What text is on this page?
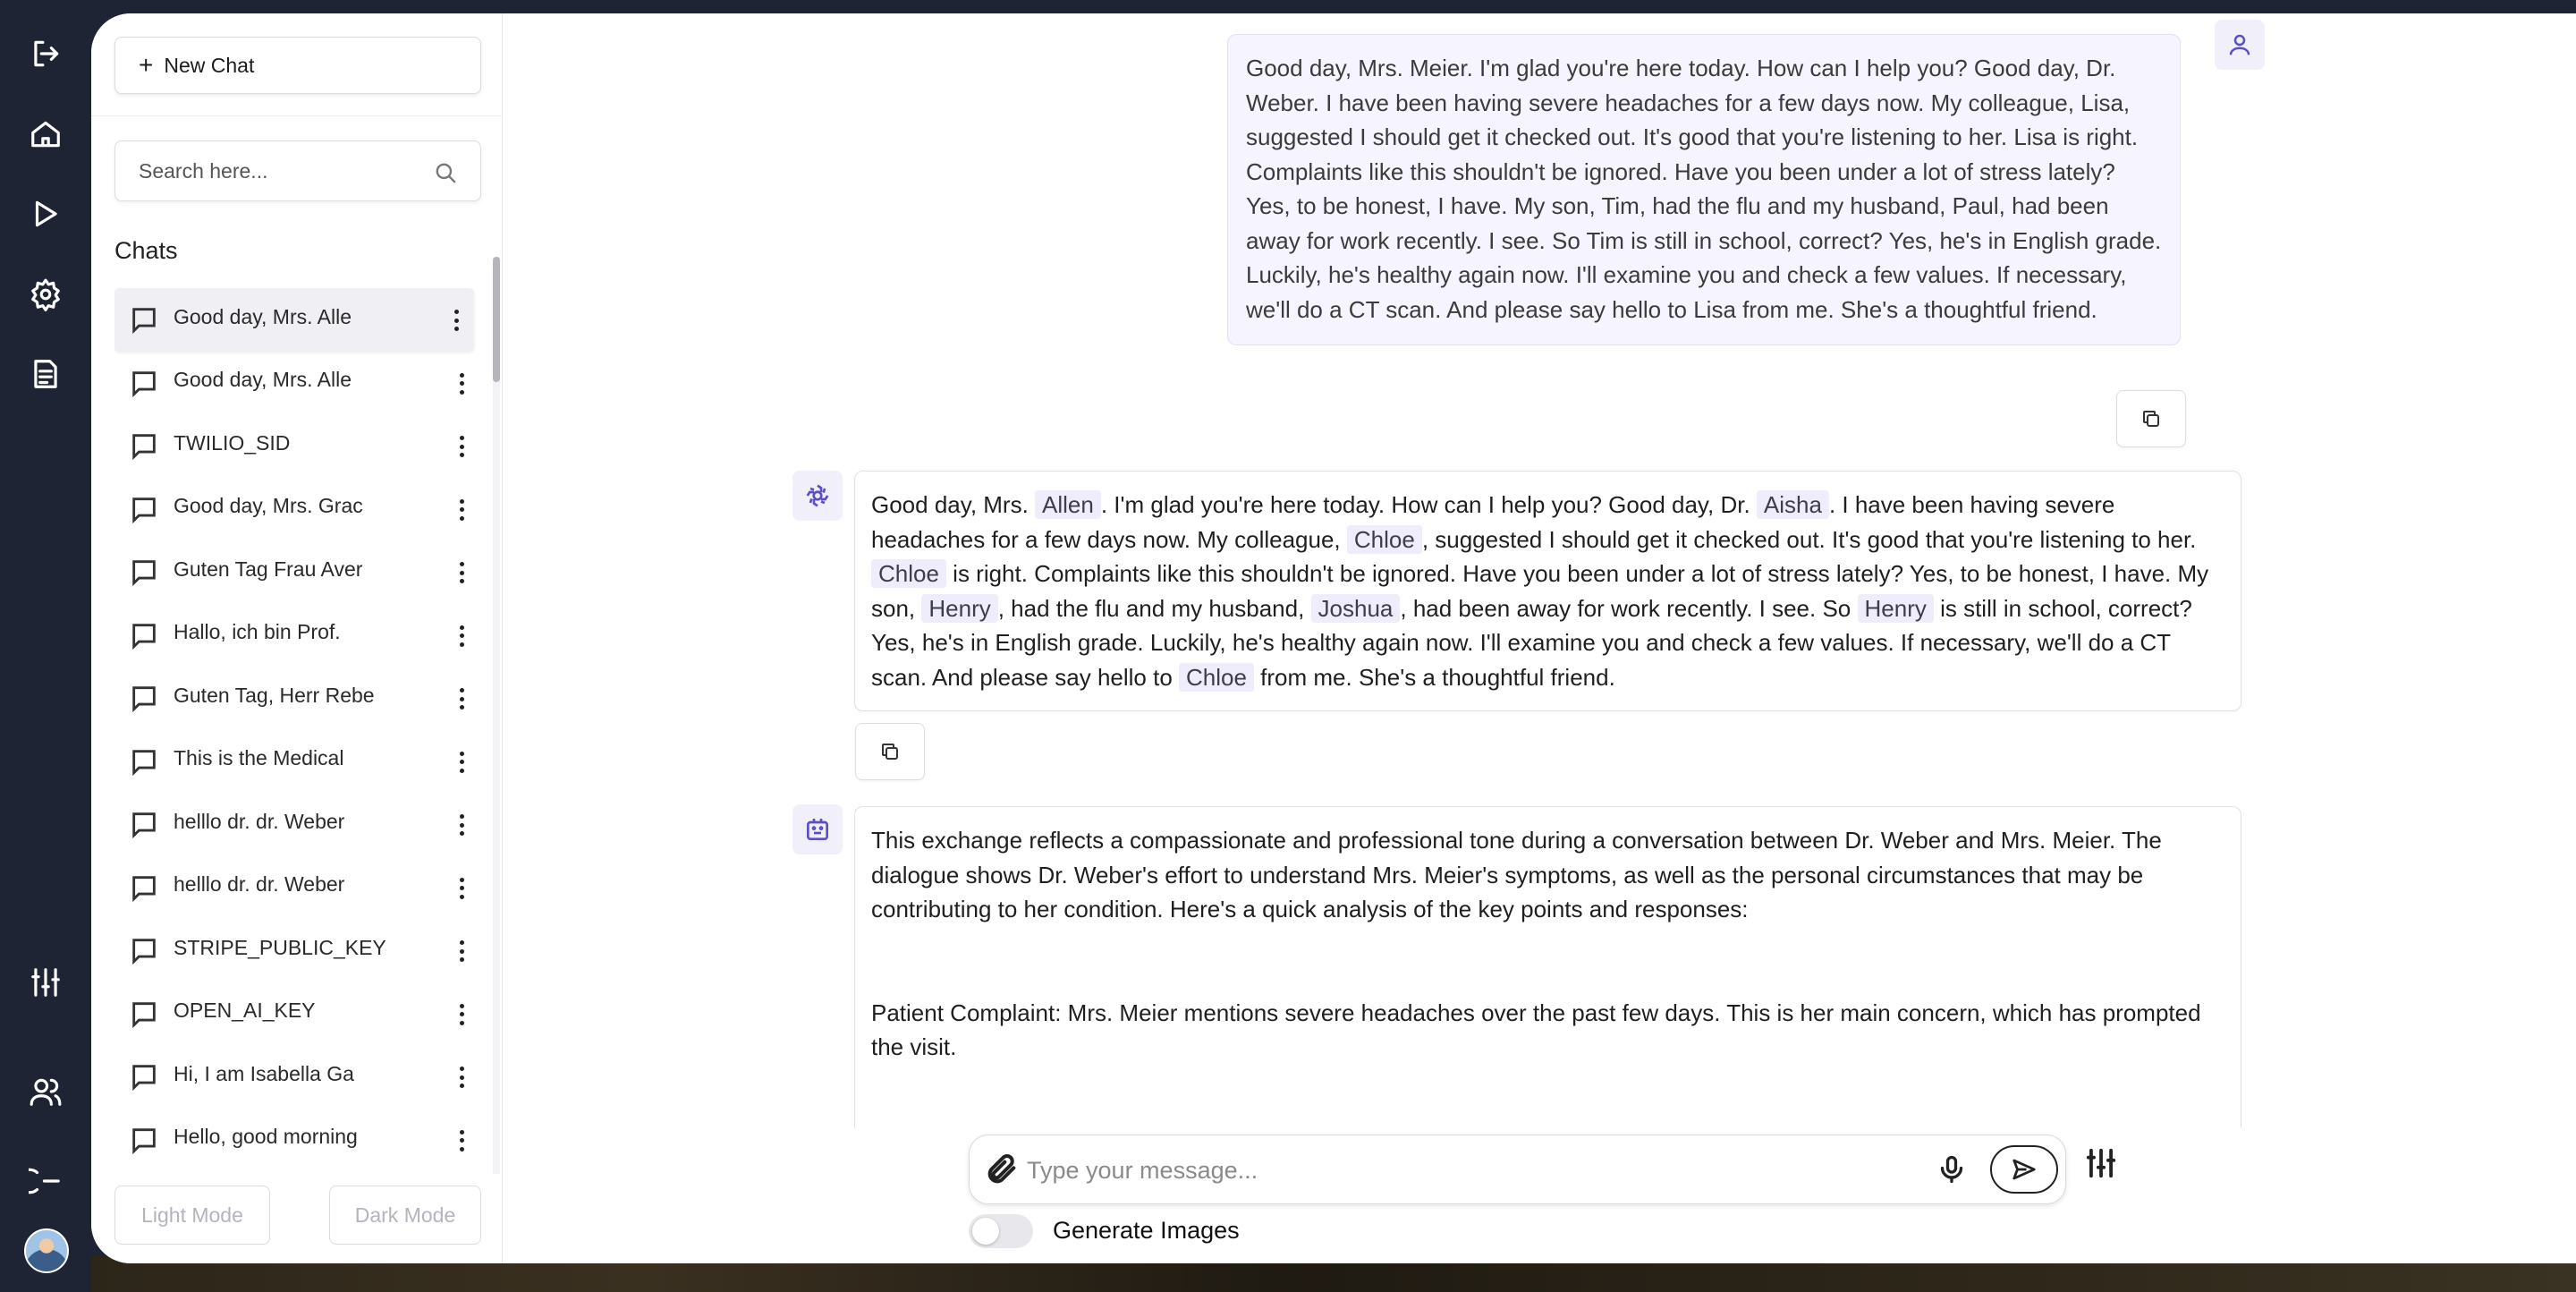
+ New Chat
Search here...
Chats
Good day, Mrs. Alle
Good day, Mrs. Alle
TWILIO_SID
Good day, Mrs. Grac
Guten Tag Frau Aver
Hallo, ich bin Prof.
Guten Tag, Herr Rebe
This is the Medical
helllo dr. dr. Weber
helllo dr. dr. Weber
STRIPE_PUBLIC_KEY
OPEN_AI_KEY
Hi, I am Isabella Ga
Hello, good morning
Light Mode	Dark Mode
Good day, Mrs. Meier. I'm glad you're here today. How can I help you? Good day, Dr. Weber. I have been having severe headaches for a few days now. My colleague, Lisa, suggested I should get it checked out. It's good that you're listening to her. Lisa is right. Complaints like this shouldn't be ignored. Have you been under a lot of stress lately? Yes, to be honest, I have. My son, Tim, had the flu and my husband, Paul, had been away for work recently. I see. So Tim is still in school, correct? Yes, he's in English grade. Luckily, he's healthy again now. I'll examine you and check a few values. If necessary, we'll do a CT scan. And please say hello to Lisa from me. She's a thoughtful friend.
Good day, Mrs. Allen . I'm glad you're here today. How can I help you? Good day, Dr. Aisha . I have been having severe headaches for a few days now. My colleague, Chloe , suggested I should get it checked out. It's good that you're listening to her. Chloe is right. Complaints like this shouldn't be ignored. Have you been under a lot of stress lately? Yes, to be honest, I have. My son, Henry , had the flu and my husband, Joshua , had been away for work recently. I see. So Henry is still in school, correct? Yes, he's in English grade. Luckily, he's healthy again now. I'll examine you and check a few values. If necessary, we'll do a CT scan. And please say hello to Chloe from me. She's a thoughtful friend.

This exchange reflects a compassionate and professional tone during a conversation between Dr. Weber and Mrs. Meier. The dialogue shows Dr. Weber's effort to understand Mrs. Meier's symptoms, as well as the personal circumstances that may be contributing to her condition. Here's a quick analysis of the key points and responses:

Patient Complaint: Mrs. Meier mentions severe headaches over the past few days. This is her main concern, which has prompted the visit.

Type your message...
Generate Images
